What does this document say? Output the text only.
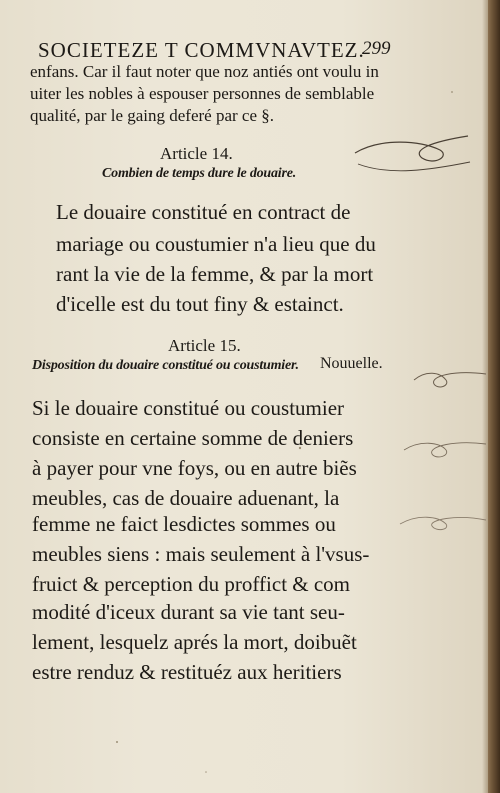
SOCIETEZE T COMMVNAVTEZ.
299
enfans. Car il faut noter que noz antiés ont voulu in
uiter les nobles à espouser personnes de semblable
qualité, par le gaing deferé par ce §.
Article 14.
Combien de temps dure le douaire.
Le douaire constitué en contract de
mariage ou coustumier n'a lieu que du
rant la vie de la femme, & par la mort
d'icelle est du tout finy & estainct.
Article 15.
Disposition du douaire constitué ou coustumier. Nouuelle.
Si le douaire constitué ou coustumier
consiste en certaine somme de deniers
à payer pour vne foys, ou en autre biẽs
meubles, cas de douaire aduenant, la
femme ne faict lesdictes sommes ou
meubles siens : mais seulement à l'vsus-
fruict & perception du proffict & com
modité d'iceux durant sa vie tant seu-
lement, lesquelz aprés la mort, doibuẽt
estre renduz & restituéz aux heritiers
